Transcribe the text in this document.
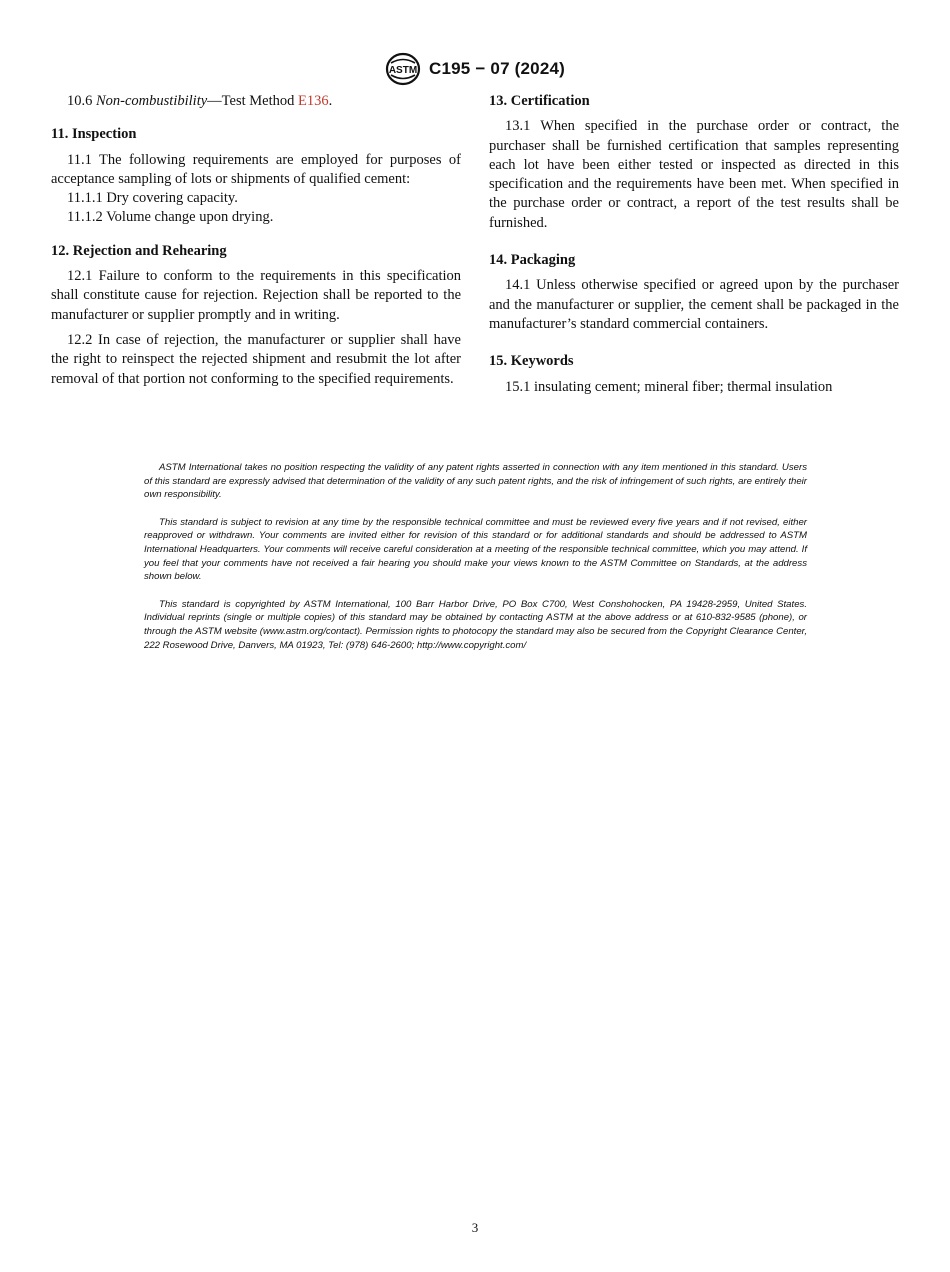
ASTM C195 − 07 (2024)

10.6 Non-combustibility—Test Method E136.

11. Inspection

11.1 The following requirements are employed for purposes of acceptance sampling of lots or shipments of qualified cement:

11.1.1 Dry covering capacity.

11.1.2 Volume change upon drying.

12. Rejection and Rehearing

12.1 Failure to conform to the requirements in this specification shall constitute cause for rejection. Rejection shall be reported to the manufacturer or supplier promptly and in writing.

12.2 In case of rejection, the manufacturer or supplier shall have the right to reinspect the rejected shipment and resubmit the lot after removal of that portion not conforming to the specified requirements.

13. Certification

13.1 When specified in the purchase order or contract, the purchaser shall be furnished certification that samples representing each lot have been either tested or inspected as directed in this specification and the requirements have been met. When specified in the purchase order or contract, a report of the test results shall be furnished.

14. Packaging

14.1 Unless otherwise specified or agreed upon by the purchaser and the manufacturer or supplier, the cement shall be packaged in the manufacturer’s standard commercial containers.

15. Keywords

15.1 insulating cement; mineral fiber; thermal insulation

ASTM International takes no position respecting the validity of any patent rights asserted in connection with any item mentioned in this standard. Users of this standard are expressly advised that determination of the validity of any such patent rights, and the risk of infringement of such rights, are entirely their own responsibility.

This standard is subject to revision at any time by the responsible technical committee and must be reviewed every five years and if not revised, either reapproved or withdrawn. Your comments are invited either for revision of this standard or for additional standards and should be addressed to ASTM International Headquarters. Your comments will receive careful consideration at a meeting of the responsible technical committee, which you may attend. If you feel that your comments have not received a fair hearing you should make your views known to the ASTM Committee on Standards, at the address shown below.

This standard is copyrighted by ASTM International, 100 Barr Harbor Drive, PO Box C700, West Conshohocken, PA 19428-2959, United States. Individual reprints (single or multiple copies) of this standard may be obtained by contacting ASTM at the above address or at 610-832-9585 (phone), or through the ASTM website (www.astm.org/contact). Permission rights to photocopy the standard may also be secured from the Copyright Clearance Center, 222 Rosewood Drive, Danvers, MA 01923, Tel: (978) 646-2600; http://www.copyright.com/

3
